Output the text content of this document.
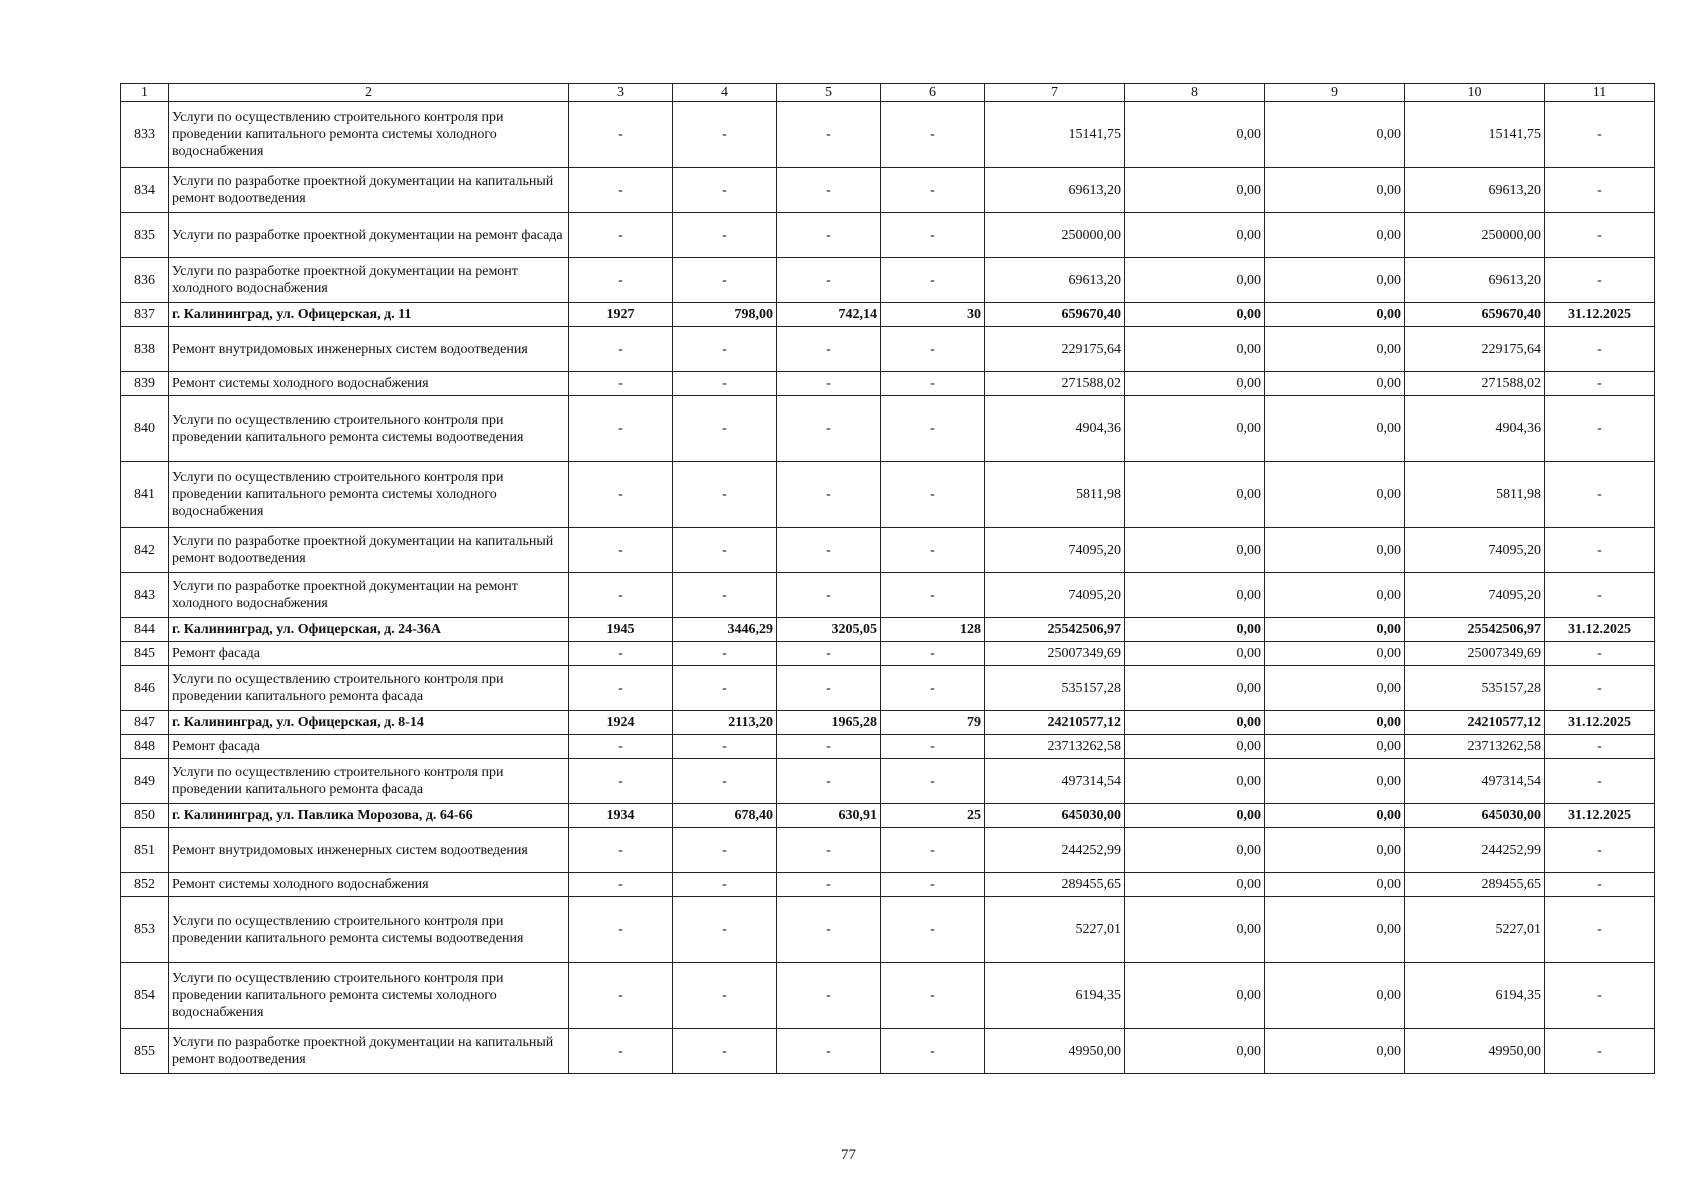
1	2	3	4	5	6	7	8	9	10	11
833	Услуги по осуществлению строительного контроля при проведении капитального ремонта системы холодного водоснабжения	-	-	-	-	15141,75	0,00	0,00	15141,75	-
834	Услуги по разработке проектной документации на капитальный ремонт водоотведения	-	-	-	-	69613,20	0,00	0,00	69613,20	-
835	Услуги по разработке проектной документации на ремонт фасада	-	-	-	-	250000,00	0,00	0,00	250000,00	-
836	Услуги по разработке проектной документации на ремонт холодного водоснабжения	-	-	-	-	69613,20	0,00	0,00	69613,20	-
837	г. Калининград, ул. Офицерская, д. 11	1927	798,00	742,14	30	659670,40	0,00	0,00	659670,40	31.12.2025
838	Ремонт внутридомовых инженерных систем водоотведения	-	-	-	-	229175,64	0,00	0,00	229175,64	-
839	Ремонт системы холодного водоснабжения	-	-	-	-	271588,02	0,00	0,00	271588,02	-
840	Услуги по осуществлению строительного контроля при проведении капитального ремонта системы водоотведения	-	-	-	-	4904,36	0,00	0,00	4904,36	-
841	Услуги по осуществлению строительного контроля при проведении капитального ремонта системы холодного водоснабжения	-	-	-	-	5811,98	0,00	0,00	5811,98	-
842	Услуги по разработке проектной документации на капитальный ремонт водоотведения	-	-	-	-	74095,20	0,00	0,00	74095,20	-
843	Услуги по разработке проектной документации на ремонт холодного водоснабжения	-	-	-	-	74095,20	0,00	0,00	74095,20	-
844	г. Калининград, ул. Офицерская, д. 24-36А	1945	3446,29	3205,05	128	25542506,97	0,00	0,00	25542506,97	31.12.2025
845	Ремонт фасада	-	-	-	-	25007349,69	0,00	0,00	25007349,69	-
846	Услуги по осуществлению строительного контроля при проведении капитального ремонта фасада	-	-	-	-	535157,28	0,00	0,00	535157,28	-
847	г. Калининград, ул. Офицерская, д. 8-14	1924	2113,20	1965,28	79	24210577,12	0,00	0,00	24210577,12	31.12.2025
848	Ремонт фасада	-	-	-	-	23713262,58	0,00	0,00	23713262,58	-
849	Услуги по осуществлению строительного контроля при проведении капитального ремонта фасада	-	-	-	-	497314,54	0,00	0,00	497314,54	-
850	г. Калининград, ул. Павлика Морозова, д. 64-66	1934	678,40	630,91	25	645030,00	0,00	0,00	645030,00	31.12.2025
851	Ремонт внутридомовых инженерных систем водоотведения	-	-	-	-	244252,99	0,00	0,00	244252,99	-
852	Ремонт системы холодного водоснабжения	-	-	-	-	289455,65	0,00	0,00	289455,65	-
853	Услуги по осуществлению строительного контроля при проведении капитального ремонта системы водоотведения	-	-	-	-	5227,01	0,00	0,00	5227,01	-
854	Услуги по осуществлению строительного контроля при проведении капитального ремонта системы холодного водоснабжения	-	-	-	-	6194,35	0,00	0,00	6194,35	-
855	Услуги по разработке проектной документации на капитальный ремонт водоотведения	-	-	-	-	49950,00	0,00	0,00	49950,00	-
77
